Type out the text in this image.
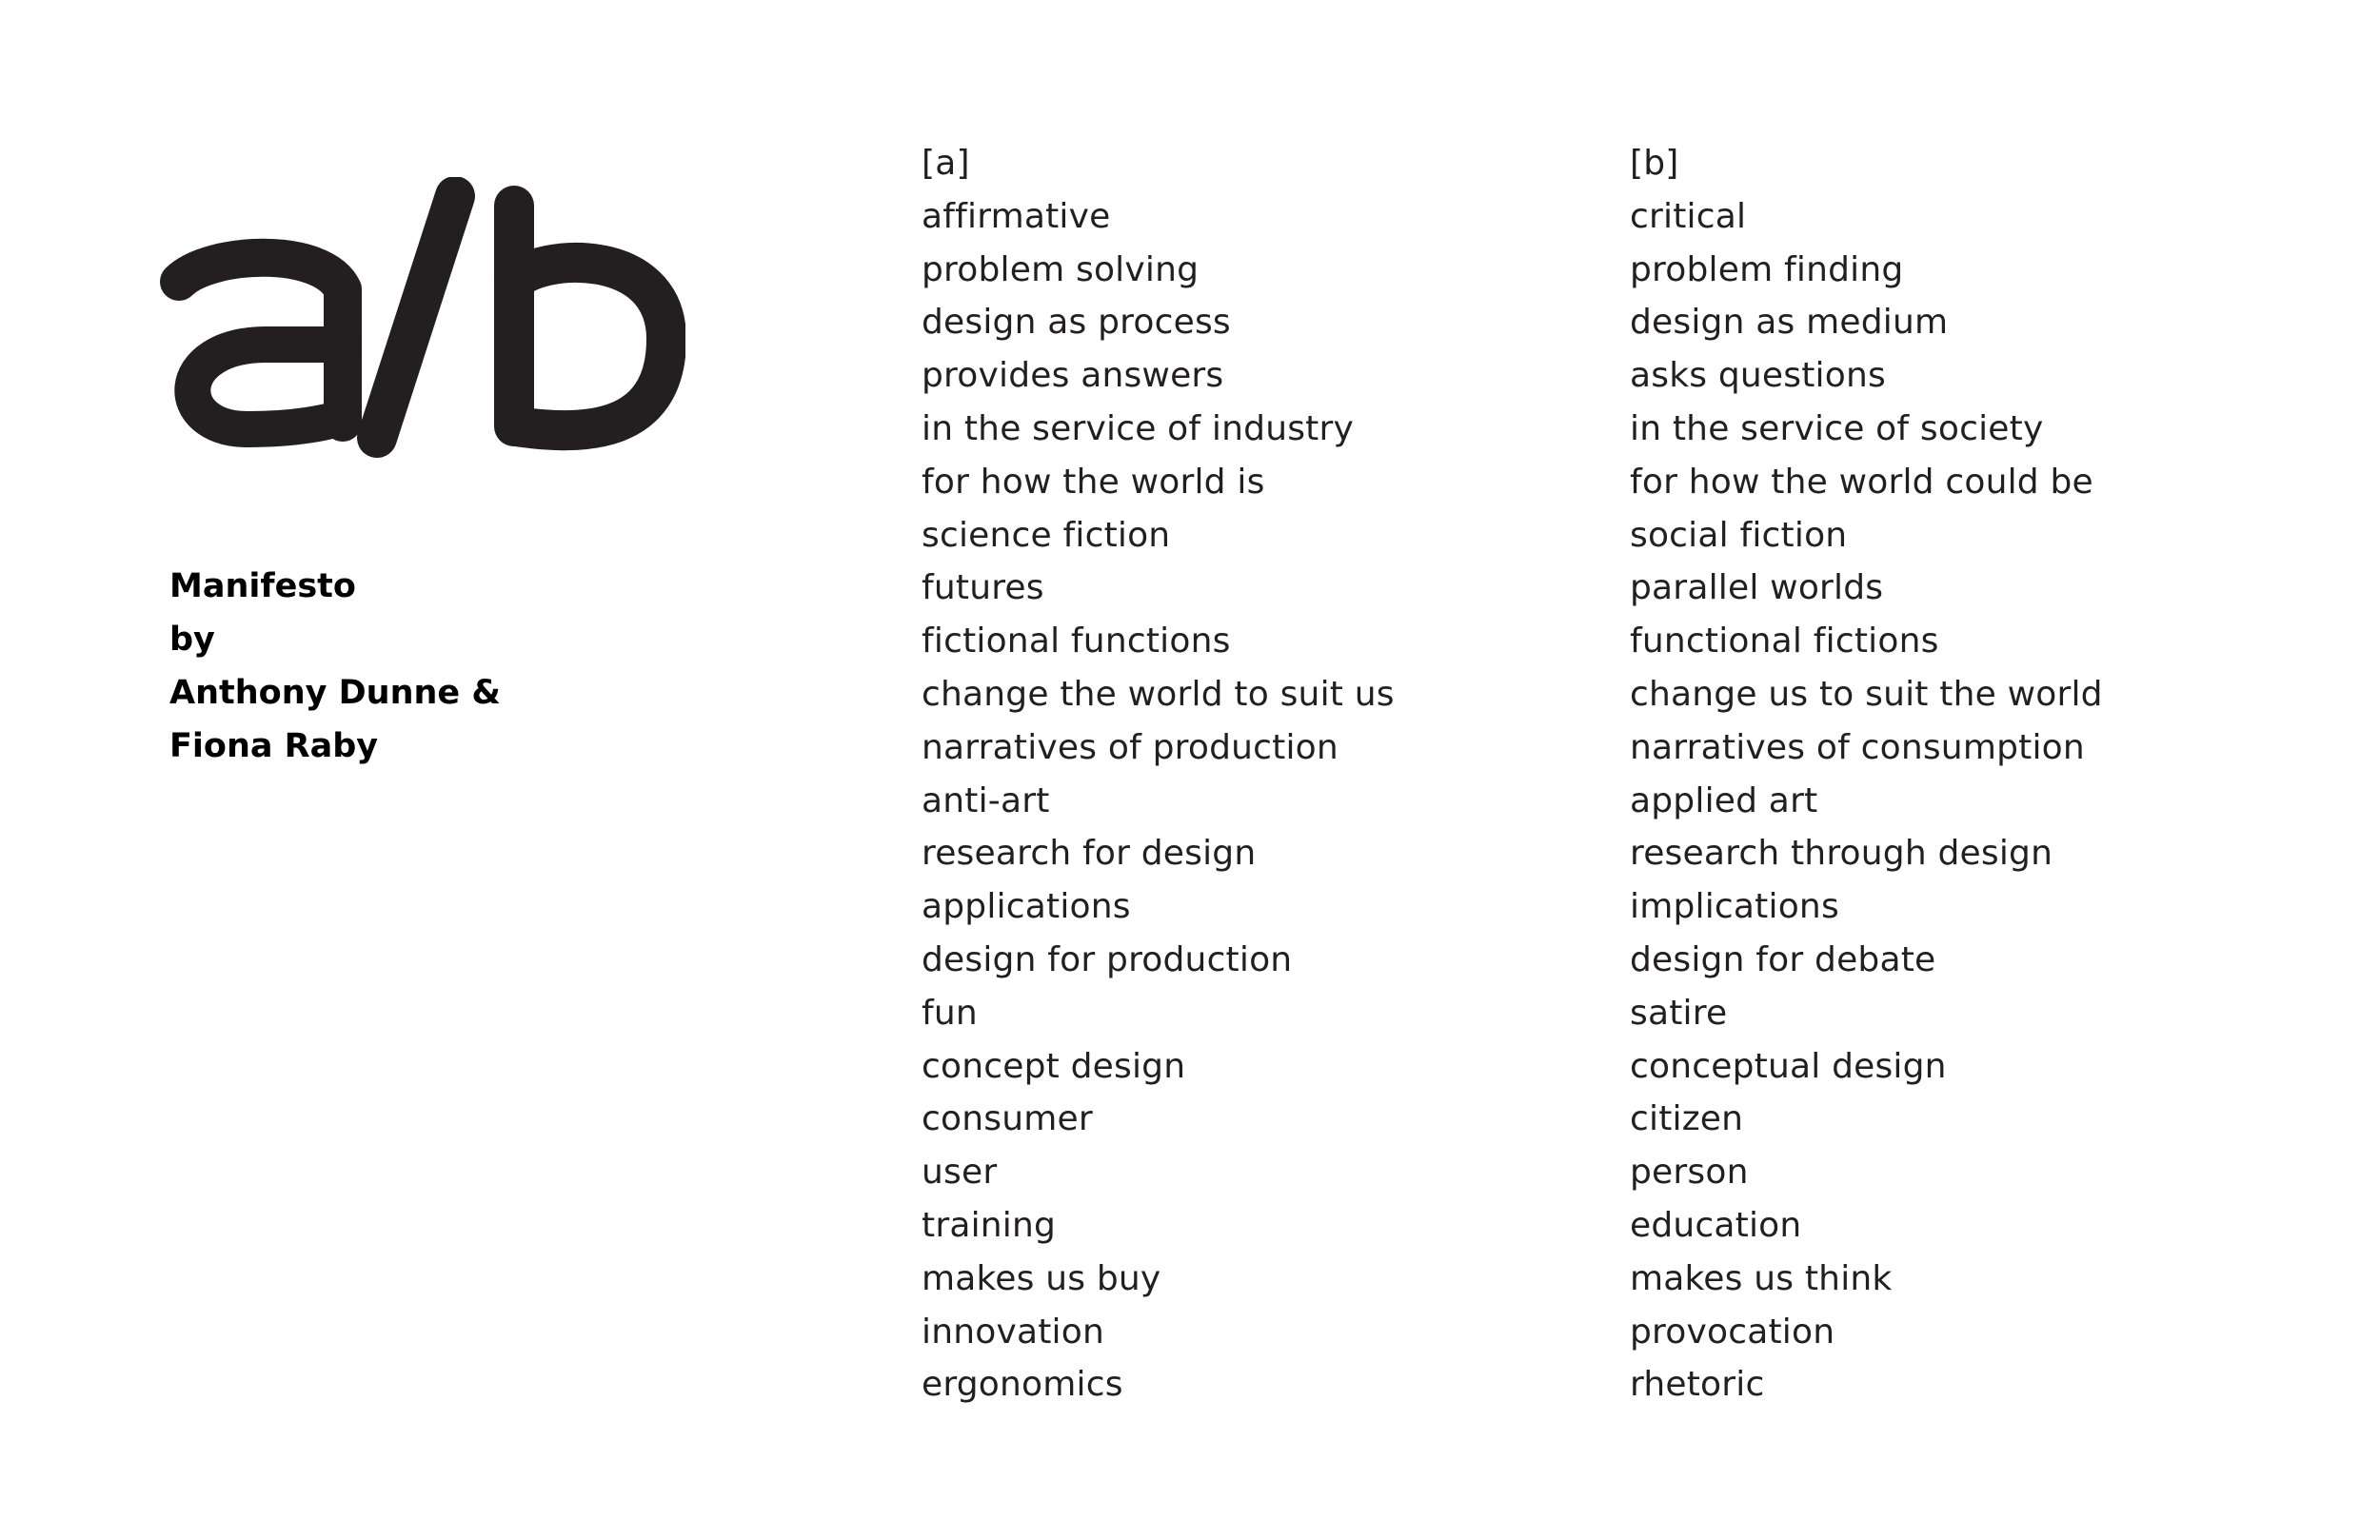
Manifesto
by
Anthony Dunne &
Fiona Raby
[a]
affirmative
problem solving
design as process
provides answers
in the service of industry
for how the world is
science fiction
futures
fictional functions
change the world to suit us
narratives of production
anti-art
research for design
applications
design for production
fun
concept design
consumer
user
training
makes us buy
innovation
ergonomics
[b]
critical
problem finding
design as medium
asks questions
in the service of society
for how the world could be
social fiction
parallel worlds
functional fictions
change us to suit the world
narratives of consumption
applied art
research through design
implications
design for debate
satire
conceptual design
citizen
person
education
makes us think
provocation
rhetoric
